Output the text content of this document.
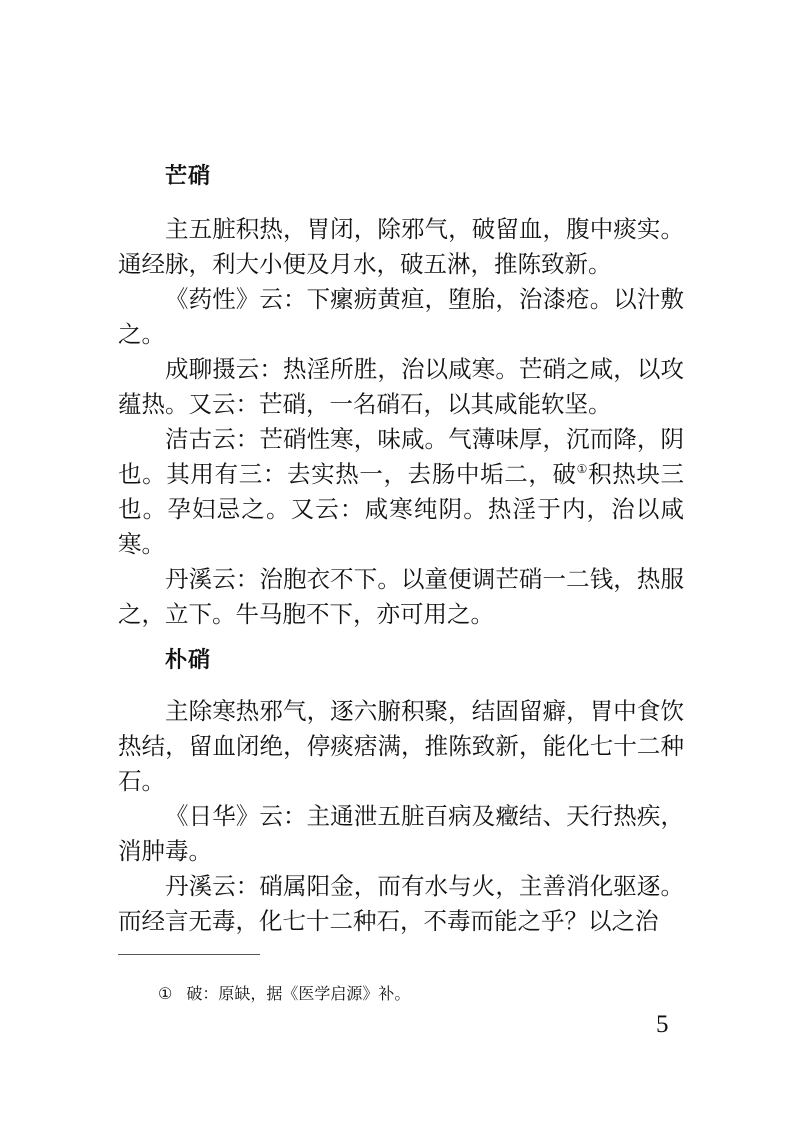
芒硝

主五脏积热，胃闭，除邪气，破留血，腹中痰实。通经脉，利大小便及月水，破五淋，推陈致新。

《药性》云：下瘰疬黄疸，堕胎，治漆疮。以汁敷之。

成聊摄云：热淫所胜，治以咸寒。芒硝之咸，以攻蕴热。又云：芒硝，一名硝石，以其咸能软坚。

洁古云：芒硝性寒，味咸。气薄味厚，沉而降，阴也。其用有三：去实热一，去肠中垢二，破①积热块三也。孕妇忌之。又云：咸寒纯阴。热淫于内，治以咸寒。

丹溪云：治胞衣不下。以童便调芒硝一二钱，热服之，立下。牛马胞不下，亦可用之。

朴硝

主除寒热邪气，逐六腑积聚，结固留癖，胃中食饮热结，留血闭绝，停痰痞满，推陈致新，能化七十二种石。

《日华》云：主通泄五脏百病及癥结、天行热疾，消肿毒。

丹溪云：硝属阳金，而有水与火，主善消化驱逐。而经言无毒，化七十二种石，不毒而能之乎？以之治

① 破：原缺，据《医学启源》补。

5
